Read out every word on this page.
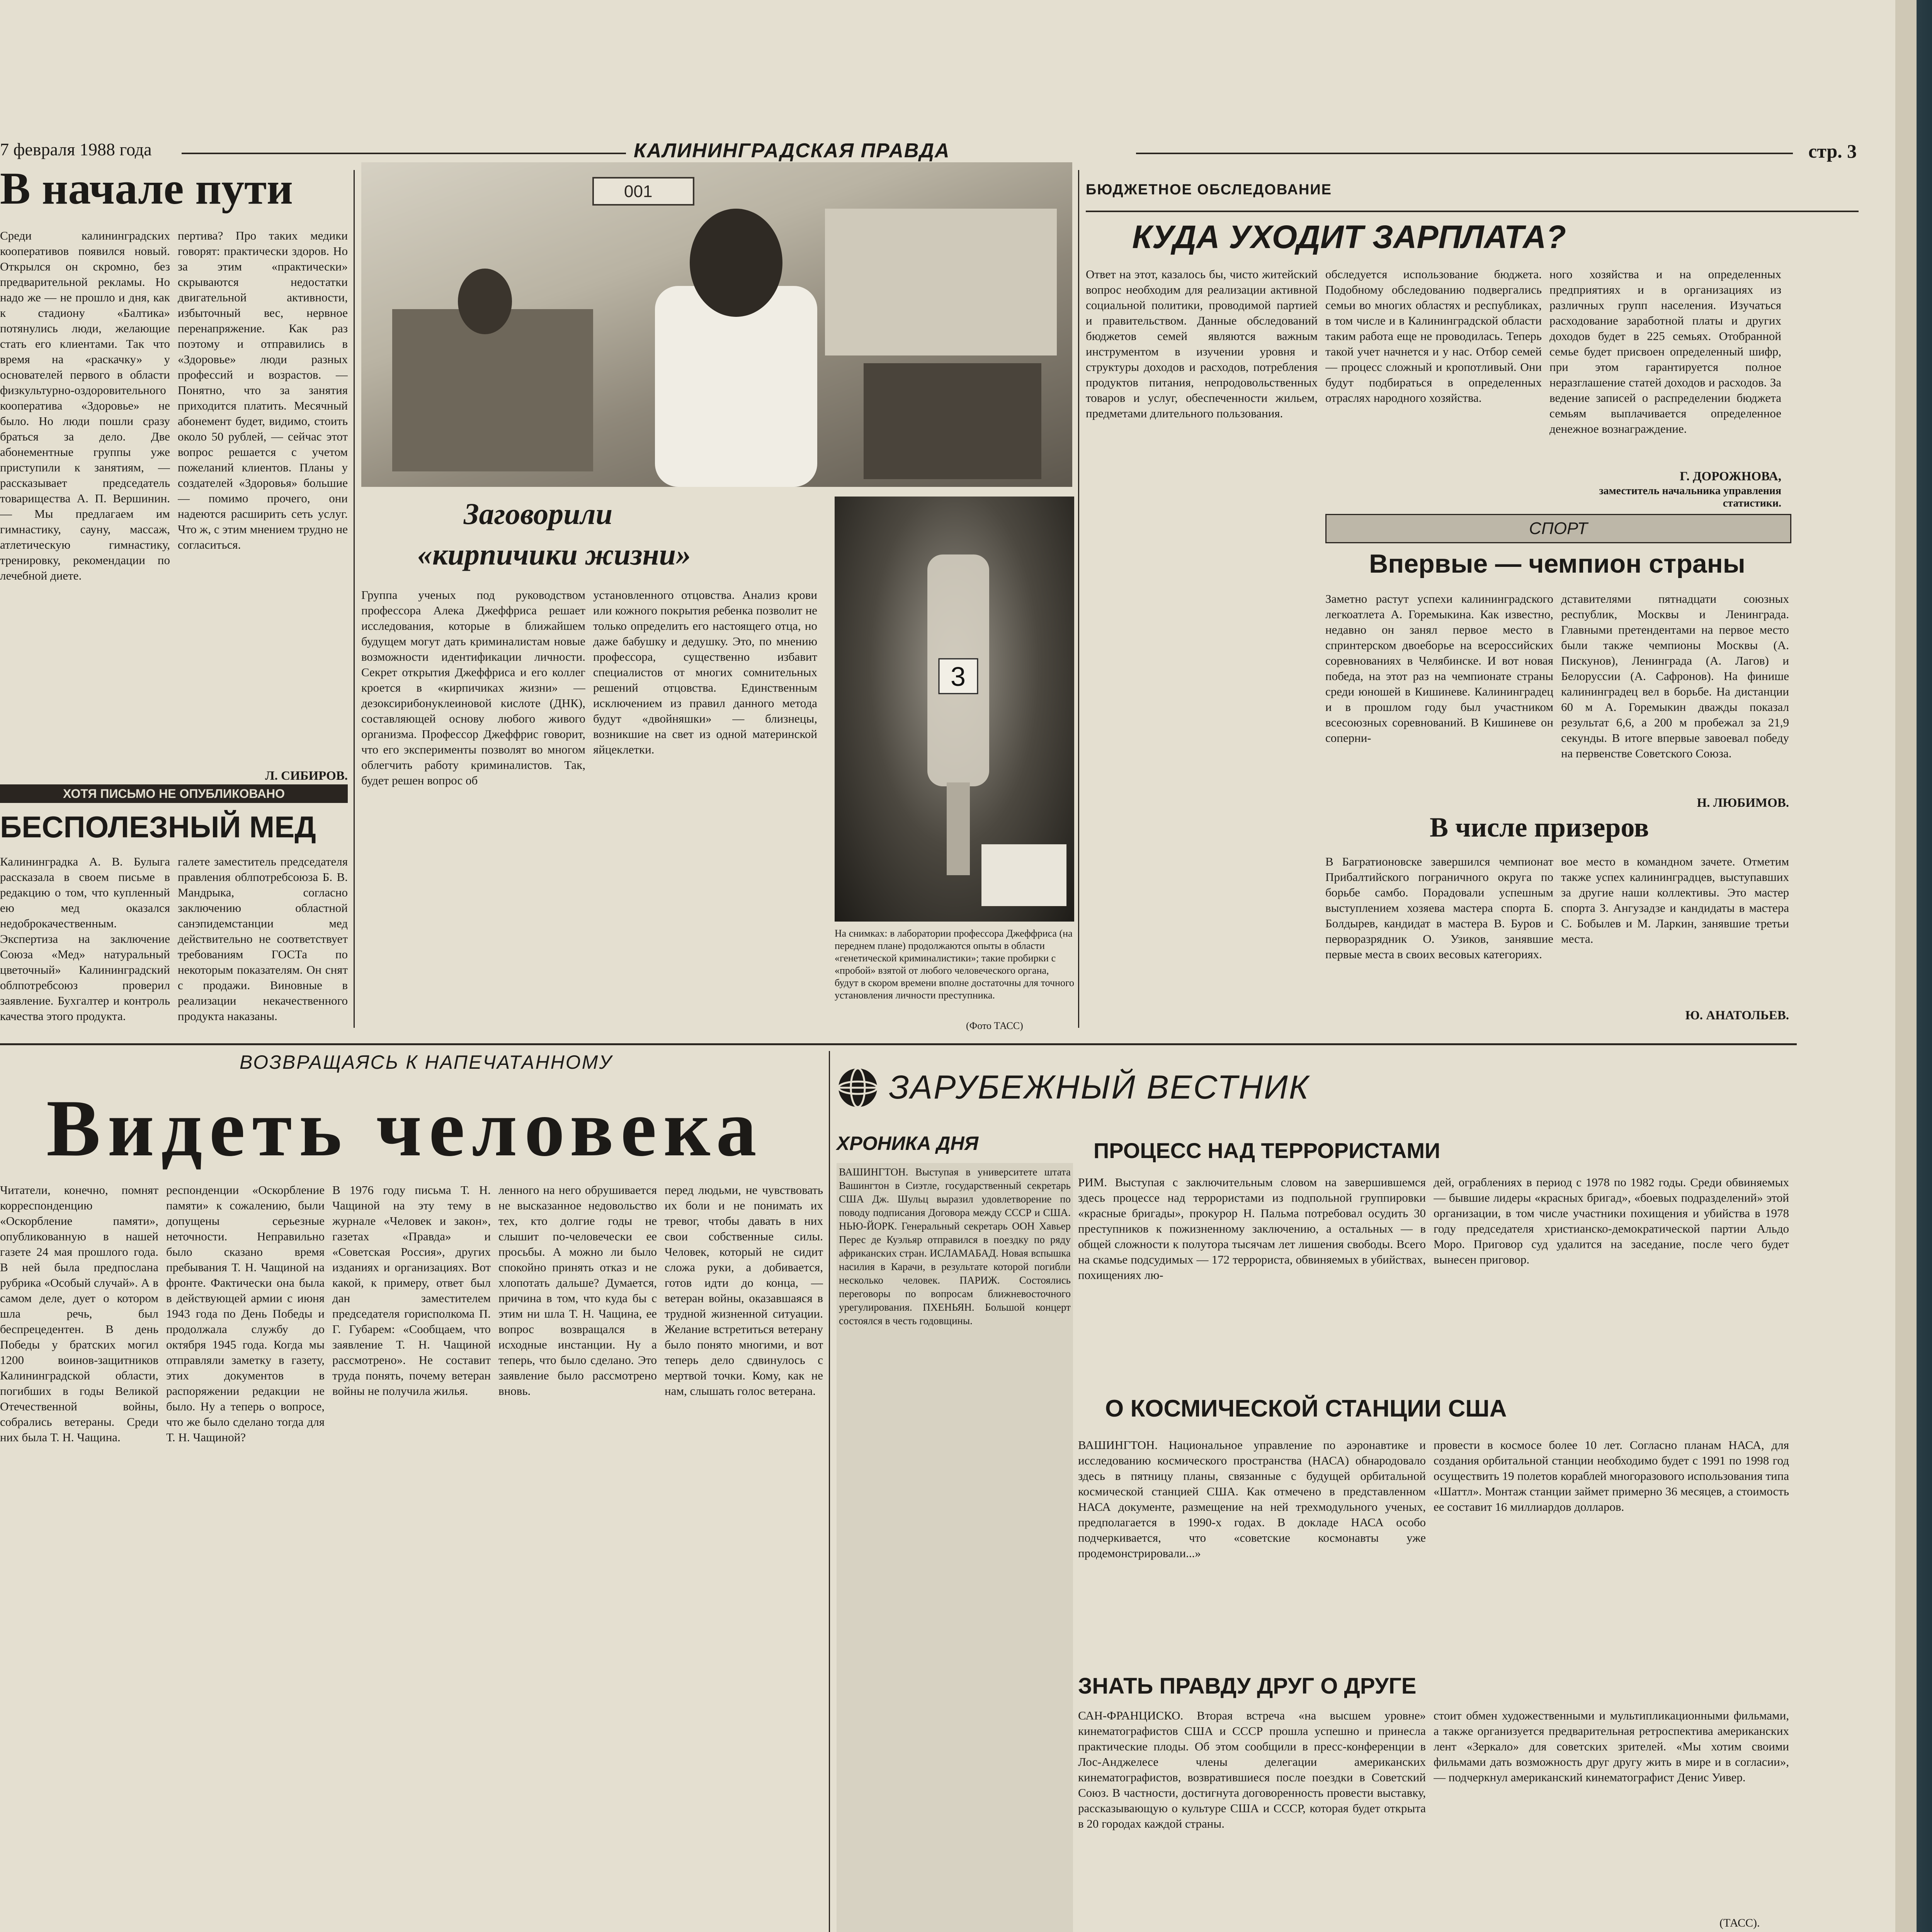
7 февраля 1988 года	КАЛИНИНГРАДСКАЯ ПРАВДА	стр. 3
В начале пути
Среди калининградских кооперативов появился новый. Открылся он скромно, без предварительной рекламы. Но надо же — не прошло и дня, как к стадиону «Балтика» потянулись люди, желающие стать его клиентами. Так что время на «раскачку» у основателей первого в области физкультурно-оздоровительного кооператива «Здоровье» не было. Но люди пошли сразу браться за дело. Две абонементные группы уже приступили к занятиям, — рассказывает председатель товарищества А. П. Вершинин. — Мы предлагаем им гимнастику, сауну, массаж, атлетическую гимнастику, тренировку, рекомендации по лечебной диете.
пертива? Про таких медики говорят: практически здоров. Но за этим «практически» скрываются недостатки двигательной активности, избыточный вес, нервное перенапряжение. Как раз поэтому и отправились в «Здоровье» люди разных профессий и возрастов. — Понятно, что за занятия приходится платить. Месячный абонемент будет, видимо, стоить около 50 рублей, — сейчас этот вопрос решается с учетом пожеланий клиентов. Планы у создателей «Здоровья» большие — помимо прочего, они надеются расширить сеть услуг. Что ж, с этим мнением трудно не согласиться.
Л. СИБИРОВ.
ХОТЯ ПИСЬМО НЕ ОПУБЛИКОВАНО
БЕСПОЛЕЗНЫЙ МЕД
Калининградка А. В. Булыга рассказала в своем письме в редакцию о том, что купленный ею мед оказался недоброкачественным. Экспертиза на заключение Союза «Мед» натуральный цветочный» Калининградский облпотребсоюз проверил заявление. Бухгалтер и контроль качества этого продукта.
галете заместитель председателя правления облпотребсоюза Б. В. Мандрыка, согласно заключению областной санэпидемстанции мед действительно не соответствует требованиям ГОСТа по некоторым показателям. Он снят с продажи. Виновные в реализации некачественного продукта наказаны.
001
Заговорили
«кирпичики жизни»
Группа ученых под руководством профессора Алека Джеффриса решает исследования, которые в ближайшем будущем могут дать криминалистам новые возможности идентификации личности. Секрет открытия Джеффриса и его коллег кроется в «кирпичиках жизни» — дезоксирибонуклеиновой кислоте (ДНК), составляющей основу любого живого организма. Профессор Джеффрис говорит, что его эксперименты позволят во многом облегчить работу криминалистов. Так, будет решен вопрос об
установленного отцовства. Анализ крови или кожного покрытия ребенка позволит не только определить его настоящего отца, но даже бабушку и дедушку. Это, по мнению профессора, существенно избавит специалистов от многих сомнительных решений отцовства. Единственным исключением из правил данного метода будут «двойняшки» — близнецы, возникшие на свет из одной материнской яйцеклетки.
3
На снимках: в лаборатории профессора Джеффриса (на переднем плане) продолжаются опыты в области «генетической криминалистики»; такие пробирки с «пробой» взятой от любого человеческого органа, будут в скором времени вполне достаточны для точного установления личности преступника.
(Фото ТАСС)
БЮДЖЕТНОЕ ОБСЛЕДОВАНИЕ
КУДА УХОДИТ ЗАРПЛАТА?
Ответ на этот, казалось бы, чисто житейский вопрос необходим для реализации активной социальной политики, проводимой партией и правительством. Данные обследований бюджетов семей являются важным инструментом в изучении уровня и структуры доходов и расходов, потребления продуктов питания, непродовольственных товаров и услуг, обеспеченности жильем, предметами длительного пользования.
обследуется использование бюджета. Подобному обследованию подвергались семьи во многих областях и республиках, в том числе и в Калининградской области таким работа еще не проводилась. Теперь такой учет начнется и у нас. Отбор семей — процесс сложный и кропотливый. Они будут подбираться в определенных отраслях народного хозяйства.
ного хозяйства и на определенных предприятиях и в организациях из различных групп населения. Изучаться расходование заработной платы и других доходов будет в 225 семьях. Отобранной семье будет присвоен определенный шифр, при этом гарантируется полное неразглашение статей доходов и расходов. За ведение записей о распределении бюджета семьям выплачивается определенное денежное вознаграждение.
Г. ДОРОЖНОВА,
заместитель начальника управления статистики.
СПОРТ
Впервые — чемпион страны
Заметно растут успехи калининградского легкоатлета А. Горемыкина. Как известно, недавно он занял первое место в спринтерском двоеборье на всероссийских соревнованиях в Челябинске. И вот новая победа, на этот раз на чемпионате страны среди юношей в Кишиневе. Калининградец и в прошлом году был участником всесоюзных соревнований. В Кишиневе он соперни-
дставителями пятнадцати союзных республик, Москвы и Ленинграда. Главными претендентами на первое место были также чемпионы Москвы (А. Пискунов), Ленинграда (А. Лагов) и Белоруссии (А. Сафронов). На финише калининградец вел в борьбе. На дистанции 60 м А. Горемыкин дважды показал результат 6,6, а 200 м пробежал за 21,9 секунды. В итоге впервые завоевал победу на первенстве Советского Союза.
Н. ЛЮБИМОВ.
В числе призеров
В Багратионовске завершился чемпионат Прибалтийского пограничного округа по борьбе самбо. Порадовали успешным выступлением хозяева мастера спорта Б. Болдырев, кандидат в мастера В. Буров и перворазрядник О. Узиков, занявшие первые места в своих весовых категориях.
вое место в командном зачете. Отметим также успех калининградцев, выступавших за другие наши коллективы. Это мастер спорта З. Ангузадзе и кандидаты в мастера С. Бобылев и М. Ларкин, занявшие третьи места.
Ю. АНАТОЛЬЕВ.
ВОЗВРАЩАЯСЬ К НАПЕЧАТАННОМУ
Видеть человека
Читатели, конечно, помнят корреспонденцию «Оскорбление памяти», опубликованную в нашей газете 24 мая прошлого года. В ней была предпослана рубрика «Особый случай». А в самом деле, дует о котором шла речь, был беспрецедентен. В день Победы у братских могил 1200 воинов-защитников Калининградской области, погибших в годы Великой Отечественной войны, собрались ветераны. Среди них была Т. Н. Чащина.
респонденции «Оскорбление памяти» к сожалению, были допущены серьезные неточности. Неправильно было сказано время пребывания Т. Н. Чащиной на фронте. Фактически она была в действующей армии с июня 1943 года по День Победы и продолжала службу до октября 1945 года. Когда мы отправляли заметку в газету, этих документов в распоряжении редакции не было. Ну а теперь о вопросе, что же было сделано тогда для Т. Н. Чащиной?
В 1976 году письма Т. Н. Чащиной на эту тему в журнале «Человек и закон», газетах «Правда» и «Советская Россия», других изданиях и организациях. Вот какой, к примеру, ответ был дан заместителем председателя горисполкома П. Г. Губарем: «Сообщаем, что заявление Т. Н. Чащиной рассмотрено». Не составит труда понять, почему ветеран войны не получила жилья.
ленного на него обрушивается не высказанное недовольство тех, кто долгие годы не слышит по-человечески ее просьбы. А можно ли было спокойно принять отказ и не хлопотать дальше? Думается, причина в том, что куда бы с этим ни шла Т. Н. Чащина, ее вопрос возвращался в исходные инстанции. Ну а теперь, что было сделано. Это заявление было рассмотрено вновь.
перед людьми, не чувствовать их боли и не понимать их тревог, чтобы давать в них свои собственные силы. Человек, который не сидит сложа руки, а добивается, готов идти до конца, — ветеран войны, оказавшаяся в трудной жизненной ситуации. Желание встретиться ветерану было понято многими, и вот теперь дело сдвинулось с мертвой точки. Кому, как не нам, слышать голос ветерана.
ЗАРУБЕЖНЫЙ ВЕСТНИК
ХРОНИКА ДНЯ
ВАШИНГТОН. Выступая в университете штата Вашингтон в Сиэтле, государственный секретарь США Дж. Шульц выразил удовлетворение по поводу подписания Договора между СССР и США. НЬЮ-ЙОРК. Генеральный секретарь ООН Хавьер Перес де Куэльяр отправился в поездку по ряду африканских стран. ИСЛАМАБАД. Новая вспышка насилия в Карачи, в результате которой погибли несколько человек. ПАРИЖ. Состоялись переговоры по вопросам ближневосточного урегулирования. ПХЕНЬЯН. Большой концерт состоялся в честь годовщины.
ПРОЦЕСС НАД ТЕРРОРИСТАМИ
РИМ. Выступая с заключительным словом на завершившемся здесь процессе над террористами из подпольной группировки «красные бригады», прокурор Н. Пальма потребовал осудить 30 преступников к пожизненному заключению, а остальных — в общей сложности к полутора тысячам лет лишения свободы. Всего на скамье подсудимых — 172 террориста, обвиняемых в убийствах, похищениях лю-
дей, ограблениях в период с 1978 по 1982 годы. Среди обвиняемых — бывшие лидеры «красных бригад», «боевых подразделений» этой организации, в том числе участники похищения и убийства в 1978 году председателя христианско-демократической партии Альдо Моро. Приговор суд удалится на заседание, после чего будет вынесен приговор.
О КОСМИЧЕСКОЙ СТАНЦИИ США
ВАШИНГТОН. Национальное управление по аэронавтике и исследованию космического пространства (НАСА) обнародовало здесь в пятницу планы, связанные с будущей орбитальной космической станцией США. Как отмечено в представленном НАСА документе, размещение на ней трехмодульного ученых, предполагается в 1990-х годах. В докладе НАСА особо подчеркивается, что «советские космонавты уже продемонстрировали...»
провести в космосе более 10 лет. Согласно планам НАСА, для создания орбитальной станции необходимо будет с 1991 по 1998 год осуществить 19 полетов кораблей многоразового использования типа «Шаттл». Монтаж станции займет примерно 36 месяцев, а стоимость ее составит 16 миллиардов долларов.
ЗНАТЬ ПРАВДУ ДРУГ О ДРУГЕ
САН-ФРАНЦИСКО. Вторая встреча «на высшем уровне» кинематографистов США и СССР прошла успешно и принесла практические плоды. Об этом сообщили в пресс-конференции в Лос-Анджелесе члены делегации американских кинематографистов, возвратившиеся после поездки в Советский Союз. В частности, достигнута договоренность провести выставку, рассказывающую о культуре США и СССР, которая будет открыта в 20 городах каждой страны.
стоит обмен художественными и мультипликационными фильмами, а также организуется предварительная ретроспектива американских лент «Зеркало» для советских зрителей. «Мы хотим своими фильмами дать возможность друг другу жить в мире и в согласии», — подчеркнул американский кинематографист Денис Уивер.
(ТАСС).
